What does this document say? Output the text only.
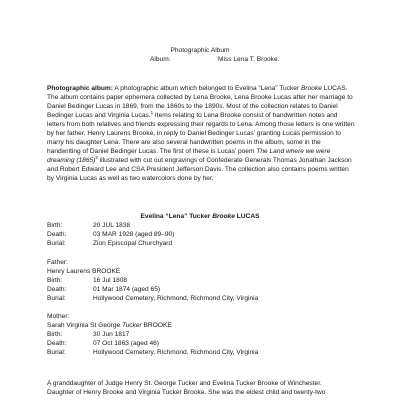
Photographic Album
Album:	Miss Lena T. Brooke.
Photographic album: A photographic album which belonged to Evelina “Lena” Tucker Brooke LUCAS. The album contains paper ephemera collected by Lena Brooke, Lena Brooke Lucas after her marriage to Daniel Bedinger Lucas in 1869, from the 1860s to the 1890s. Most of the collection relates to Daniel Bedinger Lucas and Virginia Lucas.$^1$ Items relating to Lena Brooke consist of handwritten notes and letters from both relatives and friends expressing their regards to Lena. Among those letters is one written by her father, Henry Laurens Brooke, in reply to Daniel Bedinger Lucas’ granting Lucas permission to marry his daughter Lena. There are also several handwritten poems in the album, some in the handwriting of Daniel Bedinger Lucas. The first of these is Lucas’ poem The Land where we were dreaming $(1865)^2$ illustrated with cut out engravings of Confederate Generals Thomas Jonathan Jackson and Robert Edward Lee and CSA President Jefferson Davis. The collection also contains poems written by Virginia Lucas as well as two watercolors done by her.
Evelina “Lena” Tucker Brooke LUCAS
Birth:	20 JUL 1838
Death:	03 MAR 1928 (aged 89–90)
Burial:	Zion Episcopal Churchyard
Father:
Henry Laurens BROOKE
Birth:	16 Jul 1808
Death:	01 Mar 1874 (aged 65)
Burial:	Hollywood Cemetery, Richmond, Richmond City, Virginia
Mother:
Sarah Virginia St George Tucker BROOKE
Birth:	30 Jun 1817
Death:	07 Oct 1863 (aged 46)
Burial:	Hollywood Cemetery, Richmond, Richmond City, Virginia
A granddaughter of Judge Henry St. George Tucker and Evelina Tucker Brooke of Winchester.
Daughter of Henry Brooke and Virginia Tucker Brooke. She was the eldest child and twenty-two
